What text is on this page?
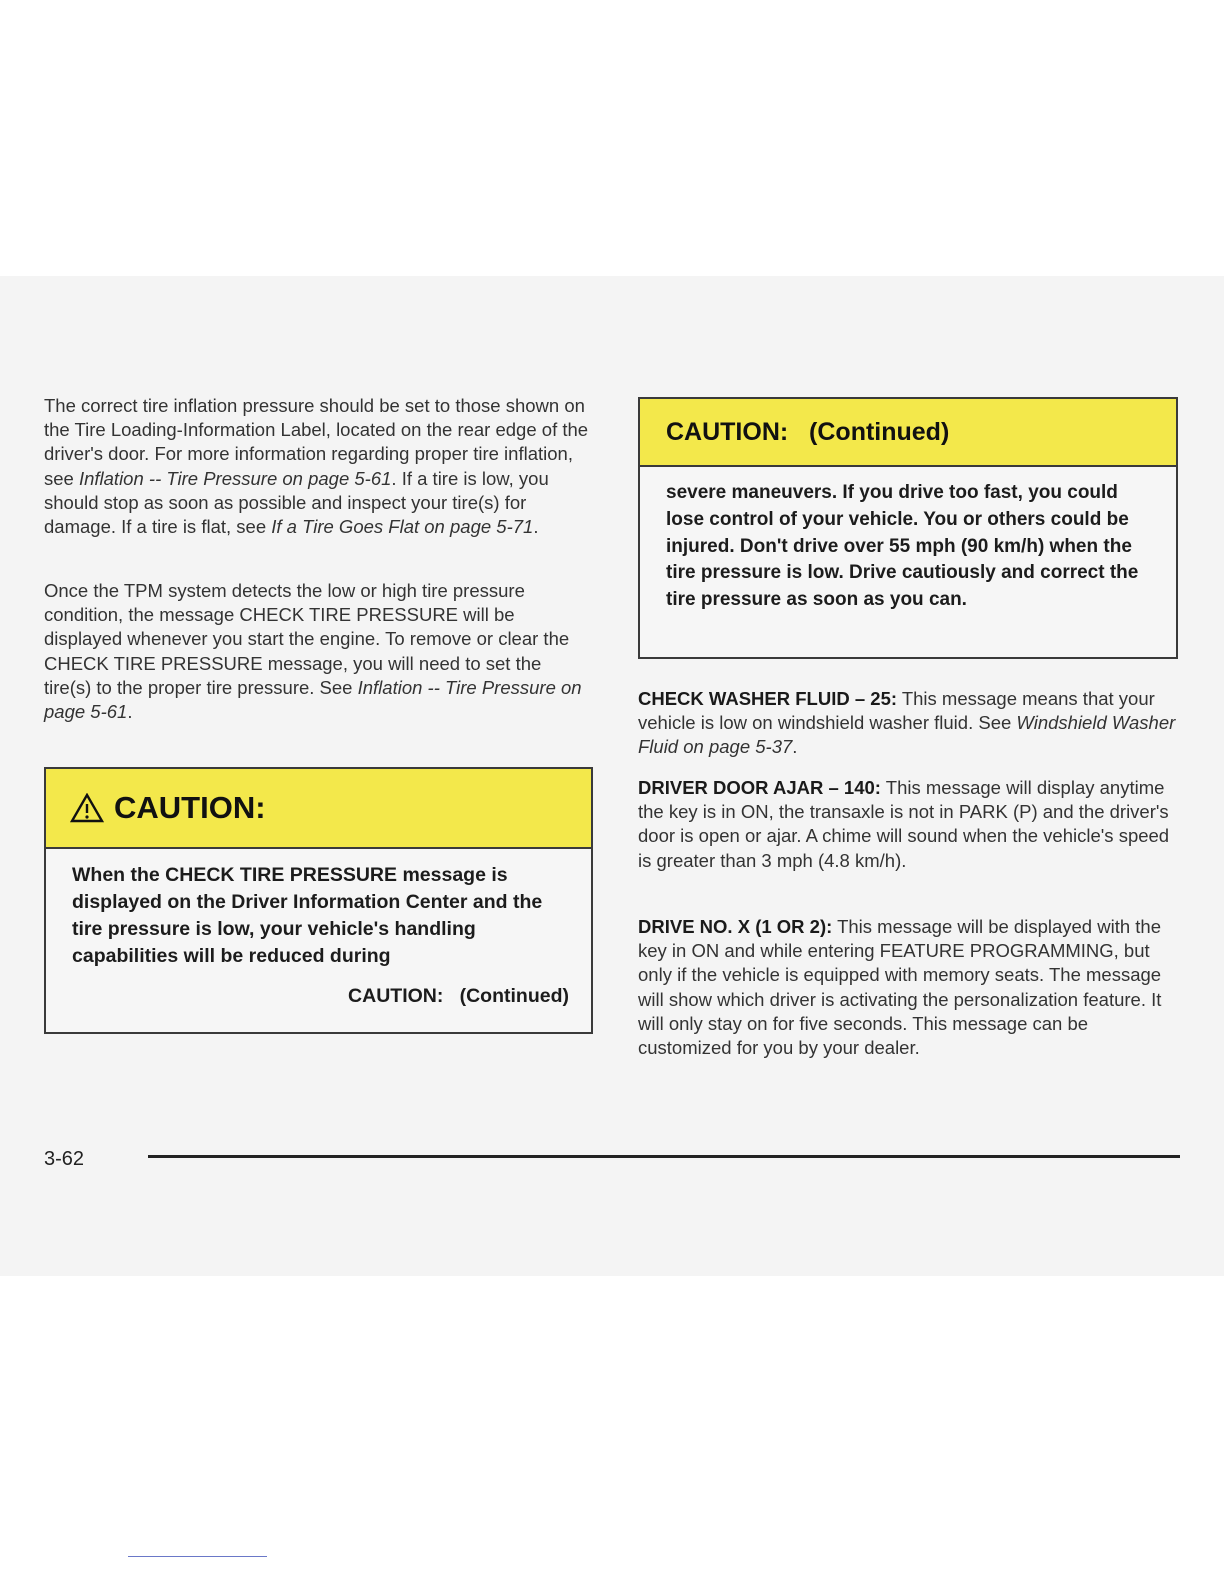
The correct tire inflation pressure should be set to those shown on the Tire Loading-Information Label, located on the rear edge of the driver's door. For more information regarding proper tire inflation, see Inflation -- Tire Pressure on page 5-61. If a tire is low, you should stop as soon as possible and inspect your tire(s) for damage. If a tire is flat, see If a Tire Goes Flat on page 5-71.

Once the TPM system detects the low or high tire pressure condition, the message CHECK TIRE PRESSURE will be displayed whenever you start the engine. To remove or clear the CHECK TIRE PRESSURE message, you will need to set the tire(s) to the proper tire pressure. See Inflation -- Tire Pressure on page 5-61.

CAUTION:
When the CHECK TIRE PRESSURE message is displayed on the Driver Information Center and the tire pressure is low, your vehicle's handling capabilities will be reduced during
CAUTION:   (Continued)
CAUTION:   (Continued)
severe maneuvers. If you drive too fast, you could lose control of your vehicle. You or others could be injured. Don't drive over 55 mph (90 km/h) when the tire pressure is low. Drive cautiously and correct the tire pressure as soon as you can.

CHECK WASHER FLUID – 25: This message means that your vehicle is low on windshield washer fluid. See Windshield Washer Fluid on page 5-37.

DRIVER DOOR AJAR – 140: This message will display anytime the key is in ON, the transaxle is not in PARK (P) and the driver's door is open or ajar. A chime will sound when the vehicle's speed is greater than 3 mph (4.8 km/h).

DRIVE NO. X (1 OR 2): This message will be displayed with the key in ON and while entering FEATURE PROGRAMMING, but only if the vehicle is equipped with memory seats. The message will show which driver is activating the personalization feature. It will only stay on for five seconds. This message can be customized for you by your dealer.

3-62
